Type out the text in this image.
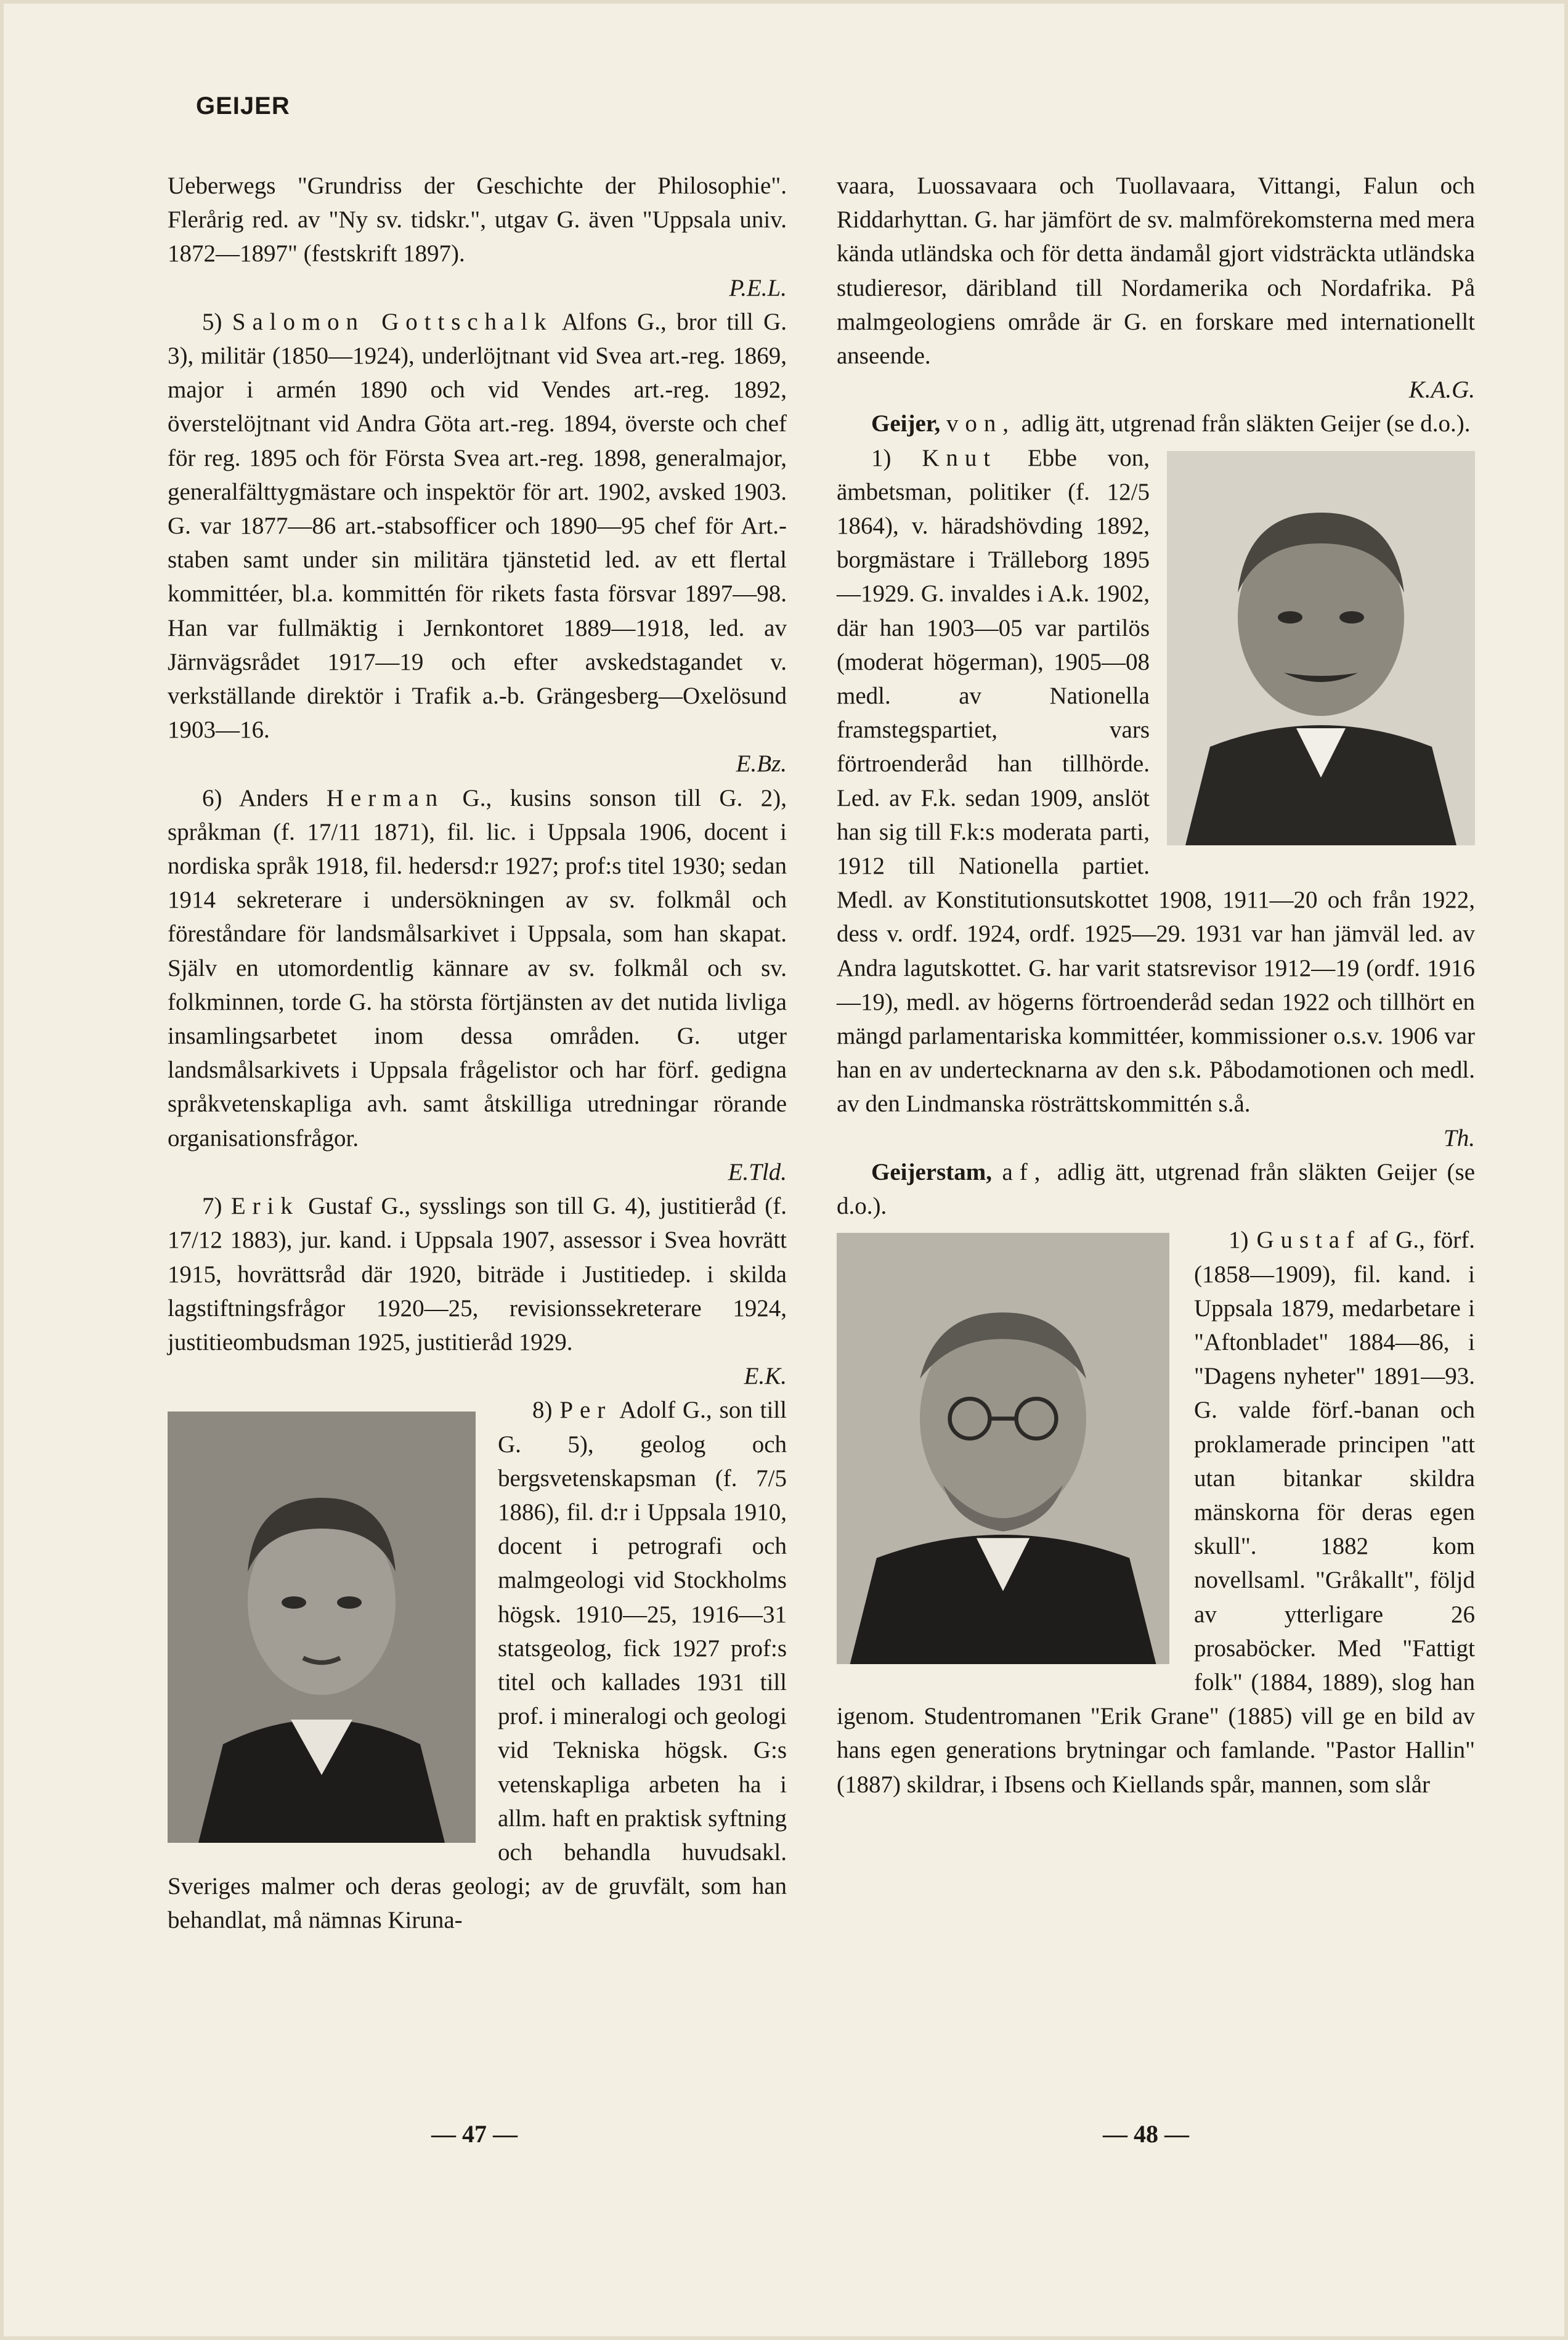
GEIJER

Ueberwegs "Grundriss der Geschichte der Philosophie". Flerårig red. av "Ny sv. tidskr.", utgav G. även "Uppsala univ. 1872—1897" (festskrift 1897).
P.E.L.

5) Salomon Gottschalk Alfons G., bror till G. 3), militär (1850—1924), underlöjtnant vid Svea art.-reg. 1869, major i armén 1890 och vid Vendes art.-reg. 1892, överstelöjtnant vid Andra Göta art.-reg. 1894, överste och chef för reg. 1895 och för Första Svea art.-reg. 1898, generalmajor, generalfälttygmästare och inspektör för art. 1902, avsked 1903. G. var 1877—86 art.-stabsofficer och 1890—95 chef för Art.-staben samt under sin militära tjänstetid led. av ett flertal kommittéer, bl.a. kommittén för rikets fasta försvar 1897—98. Han var fullmäktig i Jernkontoret 1889—1918, led. av Järnvägsrådet 1917—19 och efter avskedstagandet v. verkställande direktör i Trafik a.-b. Grängesberg—Oxelösund 1903—16.
E.Bz.

6) Anders Herman G., kusins sonson till G. 2), språkman (f. 17/11 1871), fil. lic. i Uppsala 1906, docent i nordiska språk 1918, fil. hedersd:r 1927; prof:s titel 1930; sedan 1914 sekreterare i undersökningen av sv. folkmål och föreståndare för landsmålsarkivet i Uppsala, som han skapat. Själv en utomordentlig kännare av sv. folkmål och sv. folkminnen, torde G. ha största förtjänsten av det nutida livliga insamlingsarbetet inom dessa områden. G. utger landsmålsarkivets i Uppsala frågelistor och har förf. gedigna språkvetenskapliga avh. samt åtskilliga utredningar rörande organisationsfrågor.
E.Tld.

7) Erik Gustaf G., sysslings son till G. 4), justitieråd (f. 17/12 1883), jur. kand. i Uppsala 1907, assessor i Svea hovrätt 1915, hovrättsråd där 1920, biträde i Justitiedep. i skilda lagstiftningsfrågor 1920—25, revisionssekreterare 1924, justitieombudsman 1925, justitieråd 1929.
E.K.

8) Per Adolf G., son till G. 5), geolog och bergsvetenskapsman (f. 7/5 1886), fil. d:r i Uppsala 1910, docent i petrografi och malmgeologi vid Stockholms högsk. 1910—25, 1916—31 statsgeolog, fick 1927 prof:s titel och kallades 1931 till prof. i mineralogi och geologi vid Tekniska högsk. G:s vetenskapliga arbeten ha i allm. haft en praktisk syftning och behandla huvudsakl. Sveriges malmer och deras geologi; av de gruvfält, som han behandlat, må nämnas Kiruna-

vaara, Luossavaara och Tuollavaara, Vittangi, Falun och Riddarhyttan. G. har jämfört de sv. malmförekomsterna med mera kända utländska och för detta ändamål gjort vidsträckta utländska studieresor, däribland till Nordamerika och Nordafrika. På malmgeologiens område är G. en forskare med internationellt anseende.
K.A.G.

Geijer, von, adlig ätt, utgrenad från släkten Geijer (se d.o.).

1) Knut Ebbe von, ämbetsman, politiker (f. 12/5 1864), v. häradshövding 1892, borgmästare i Trälleborg 1895—1929. G. invaldes i A.k. 1902, där han 1903—05 var partilös (moderat högerman), 1905—08 medl. av Nationella framstegspartiet, vars förtroenderåd han tillhörde. Led. av F.k. sedan 1909, anslöt han sig till F.k:s moderata parti, 1912 till Nationella partiet. Medl. av Konstitutionsutskottet 1908, 1911—20 och från 1922, dess v. ordf. 1924, ordf. 1925—29. 1931 var han jämväl led. av Andra lagutskottet. G. har varit statsrevisor 1912—19 (ordf. 1916—19), medl. av högerns förtroenderåd sedan 1922 och tillhört en mängd parlamentariska kommittéer, kommissioner o.s.v. 1906 var han en av undertecknarna av den s.k. Påbodamotionen och medl. av den Lindmanska rösträttskommittén s.å.
Th.

Geijerstam, af, adlig ätt, utgrenad från släkten Geijer (se d.o.).

1) Gustaf af G., förf. (1858—1909), fil. kand. i Uppsala 1879, medarbetare i "Aftonbladet" 1884—86, i "Dagens nyheter" 1891—93. G. valde förf.-banan och proklamerade principen "att utan bitankar skildra mänskorna för deras egen skull". 1882 kom novellsaml. "Gråkallt", följd av ytterligare 26 prosaböcker. Med "Fattigt folk" (1884, 1889), slog han igenom. Studentromanen "Erik Grane" (1885) vill ge en bild av hans egen generations brytningar och famlande. "Pastor Hallin" (1887) skildrar, i Ibsens och Kiellands spår, mannen, som slår

— 47 —	— 48 —
